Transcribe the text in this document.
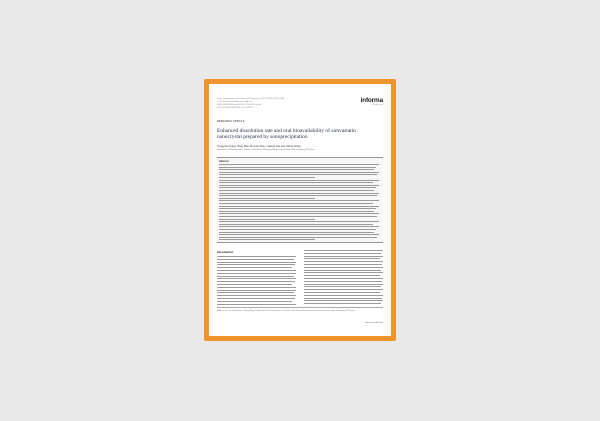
Drug Development and Industrial Pharmacy, 2011; 37(11): 1250-1258
© 2011 Informa Healthcare USA, Inc.
ISSN 0363-9045 print/ISSN 1520-5762 online
DOI: 10.3109/03639045.2011.565774
informa
healthcare
RESEARCH ARTICLE
Enhanced dissolution rate and oral bioavailability of simvastatin nanocrystal prepared by sonoprecipitation
Tongying Jiang, Ning Han, Bowen Zhao, Yuling Xie and Siling Wang
Department of Pharmaceutics, School of Pharmacy, Shenyang Pharmaceutical University, Shenyang, PR China
Abstract
Introduction
Address for Correspondence: Siling Wang, Department of Pharmaceutics, School of Pharmacy, Shenyang Pharmaceutical University, Shenyang, PR China.
informa healthcare
